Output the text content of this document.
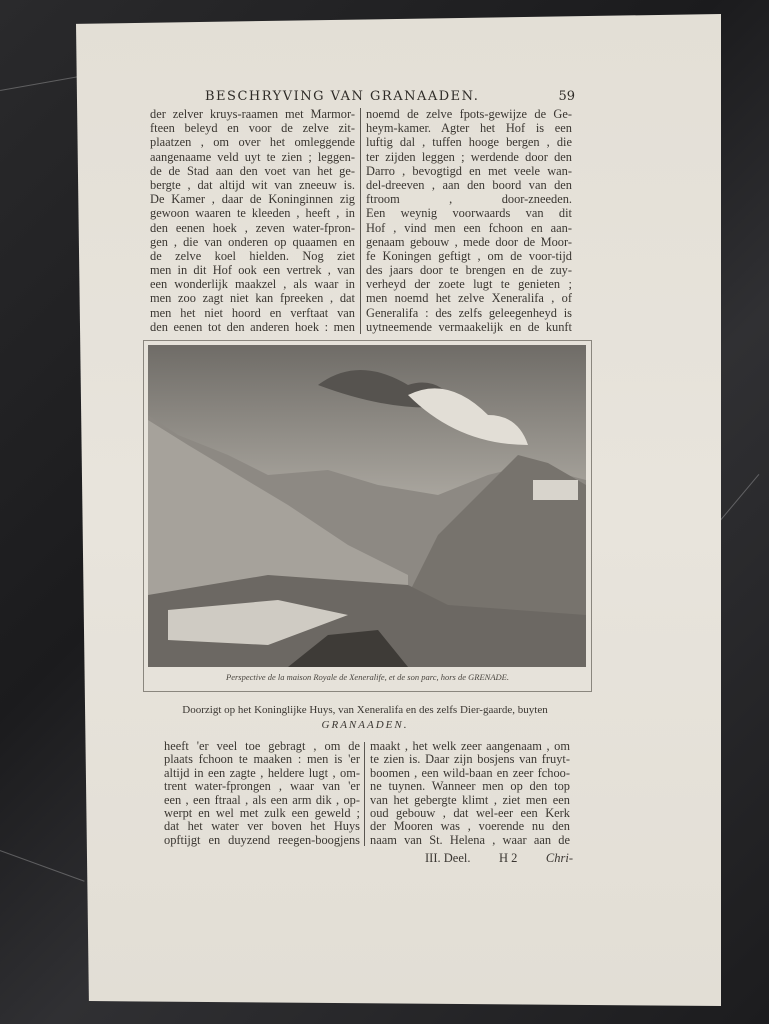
BESCHRYVING VAN GRANAADEN.	59
der zelver kruys-raamen met Marmor-
fteen beleyd en voor de zelve zit-
plaatzen , om over het omleggende
aangenaame veld uyt te zien ; leggen-
de de Stad aan den voet van het ge-
bergte , dat altijd wit van zneeuw is.
De Kamer , daar de Koninginnen zig
gewoon waaren te kleeden , heeft , in
den eenen hoek , zeven water-fpron-
gen , die van onderen op quaamen en
de zelve koel hielden. Nog ziet
men in dit Hof ook een vertrek , van
een wonderlijk maakzel , als waar in
men zoo zagt niet kan fpreeken , dat
men het niet hoord en verftaat van
den eenen tot den anderen hoek : men
noemd de zelve fpots-gewijze de Ge-
heym-kamer. Agter het Hof is een
luftig dal , tuffen hooge bergen , die
ter zijden leggen ; werdende door den
Darro , bevogtigd en met veele wan-
del-dreeven , aan den boord van den
ftroom , door-zneeden.
Een weynig voorwaards van dit
Hof , vind men een fchoon en aan-
genaam gebouw , mede door de Moor-
fe Koningen geftigt , om de voor-tijd
des jaars door te brengen en de zuy-
verheyd der zoete lugt te genieten ;
men noemd het zelve Xeneralifa , of
Generalifa : des zelfs geleegenheyd is
uytneemende vermaakelijk en de kunft
Perspective de la maison Royale de Xeneralife, et de son parc, hors de GRENADE.
Doorzigt op het Koninglijke Huys, van Xeneralifa en des zelfs Dier-gaarde, buyten
GRANAADEN.
heeft 'er veel toe gebragt , om de
plaats fchoon te maaken : men is 'er
altijd in een zagte , heldere lugt , om-
trent water-fprongen , waar van 'er
een , een ftraal , als een arm dik , op-
werpt en wel met zulk een geweld ;
dat het water ver boven het Huys
opftijgt en duyzend reegen-boogjens
maakt , het welk zeer aangenaam , om
te zien is. Daar zijn bosjens van fruyt-
boomen , een wild-baan en zeer fchoo-
ne tuynen. Wanneer men op den top
van het gebergte klimt , ziet men een
oud gebouw , dat wel-eer een Kerk
der Mooren was , voerende nu den
naam van St. Helena , waar aan de
III. Deel. H 2 Chri-
